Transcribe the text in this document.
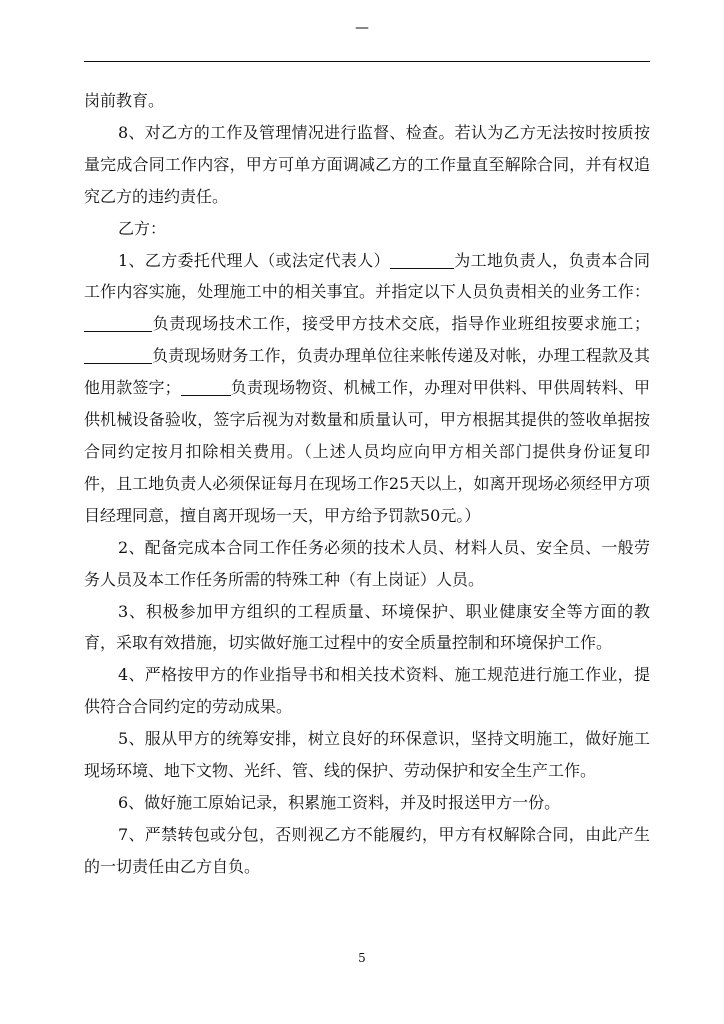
—

岗前教育。

8、对乙方的工作及管理情况进行监督、检查。若认为乙方无法按时按质按量完成合同工作内容，甲方可单方面调减乙方的工作量直至解除合同，并有权追究乙方的违约责任。

乙方：

1、乙方委托代理人（或法定代表人）	为工地负责人，负责本合同工作内容实施，处理施工中的相关事宜。并指定以下人员负责相关的业务工作：负责现场技术工作，接受甲方技术交底，指导作业班组按要求施工；负责现场财务工作，负责办理单位往来帐传递及对帐，办理工程款及其他用款签字；	负责现场物资、机械工作，办理对甲供料、甲供周转料、甲供机械设备验收，签字后视为对数量和质量认可，甲方根据其提供的签收单据按合同约定按月扣除相关费用。（上述人员均应向甲方相关部门提供身份证复印件，且工地负责人必须保证每月在现场工作25天以上，如离开现场必须经甲方项目经理同意，擅自离开现场一天，甲方给予罚款50元。）

2、配备完成本合同工作任务必须的技术人员、材料人员、安全员、一般劳务人员及本工作任务所需的特殊工种（有上岗证）人员。

3、积极参加甲方组织的工程质量、环境保护、职业健康安全等方面的教育，采取有效措施，切实做好施工过程中的安全质量控制和环境保护工作。

4、严格按甲方的作业指导书和相关技术资料、施工规范进行施工作业，提供符合合同约定的劳动成果。

5、服从甲方的统筹安排，树立良好的环保意识，坚持文明施工，做好施工现场环境、地下文物、光纤、管、线的保护、劳动保护和安全生产工作。

6、做好施工原始记录，积累施工资料，并及时报送甲方一份。

7、严禁转包或分包，否则视乙方不能履约，甲方有权解除合同，由此产生的一切责任由乙方自负。

5
